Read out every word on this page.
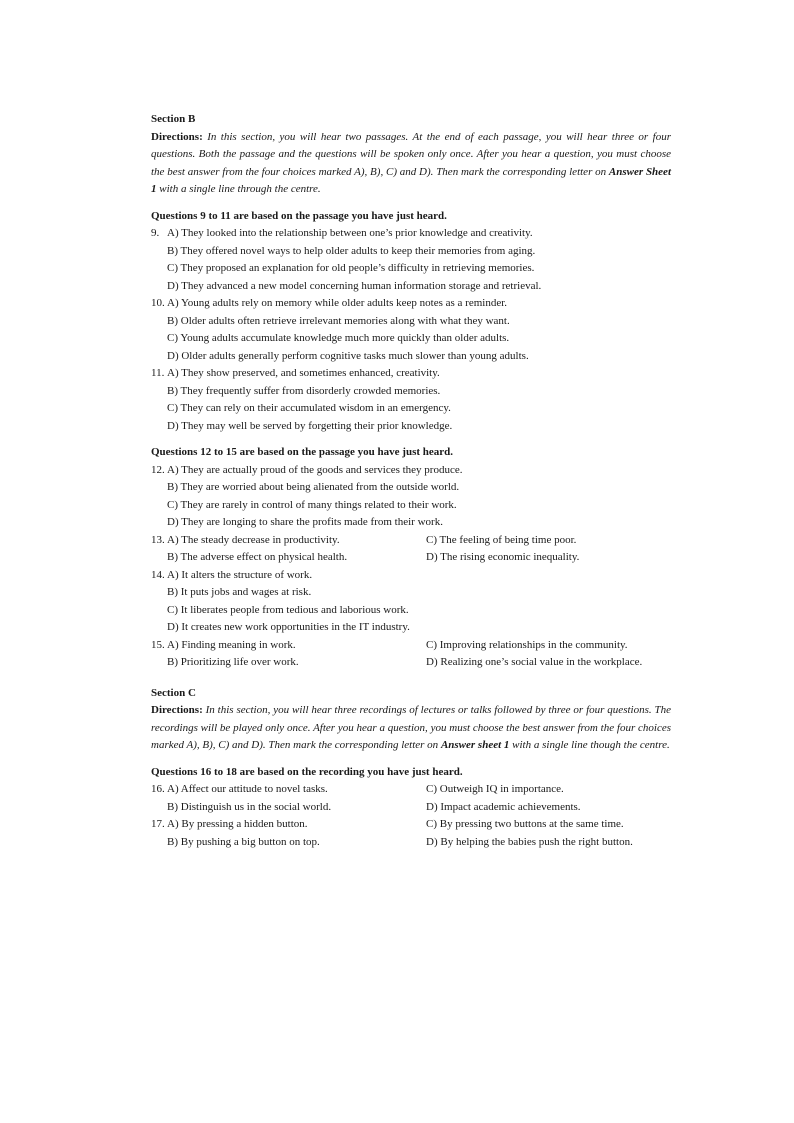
Section B

Directions: In this section, you will hear two passages. At the end of each passage, you will hear three or four questions. Both the passage and the questions will be spoken only once. After you hear a question, you must choose the best answer from the four choices marked A), B), C) and D). Then mark the corresponding letter on Answer Sheet 1 with a single line through the centre.

Questions 9 to 11 are based on the passage you have just heard.

9. A) They looked into the relationship between one’s prior knowledge and creativity.
B) They offered novel ways to help older adults to keep their memories from aging.
C) They proposed an explanation for old people’s difficulty in retrieving memories.
D) They advanced a new model concerning human information storage and retrieval.
10. A) Young adults rely on memory while older adults keep notes as a reminder.
B) Older adults often retrieve irrelevant memories along with what they want.
C) Young adults accumulate knowledge much more quickly than older adults.
D) Older adults generally perform cognitive tasks much slower than young adults.
11. A) They show preserved, and sometimes enhanced, creativity.
B) They frequently suffer from disorderly crowded memories.
C) They can rely on their accumulated wisdom in an emergency.
D) They may well be served by forgetting their prior knowledge.

Questions 12 to 15 are based on the passage you have just heard.

12. A) They are actually proud of the goods and services they produce.
B) They are worried about being alienated from the outside world.
C) They are rarely in control of many things related to their work.
D) They are longing to share the profits made from their work.
13. A) The steady decrease in productivity.	C) The feeling of being time poor.
B) The adverse effect on physical health.	D) The rising economic inequality.
14. A) It alters the structure of work.
B) It puts jobs and wages at risk.
C) It liberates people from tedious and laborious work.
D) It creates new work opportunities in the IT industry.
15. A) Finding meaning in work.	C) Improving relationships in the community.
B) Prioritizing life over work.	D) Realizing one’s social value in the workplace.

Section C

Directions: In this section, you will hear three recordings of lectures or talks followed by three or four questions. The recordings will be played only once. After you hear a question, you must choose the best answer from the four choices marked A), B), C) and D). Then mark the corresponding letter on Answer sheet 1 with a single line though the centre.

Questions 16 to 18 are based on the recording you have just heard.

16. A) Affect our attitude to novel tasks.	C) Outweigh IQ in importance.
B) Distinguish us in the social world.	D) Impact academic achievements.
17. A) By pressing a hidden button.	C) By pressing two buttons at the same time.
B) By pushing a big button on top.	D) By helping the babies push the right button.
